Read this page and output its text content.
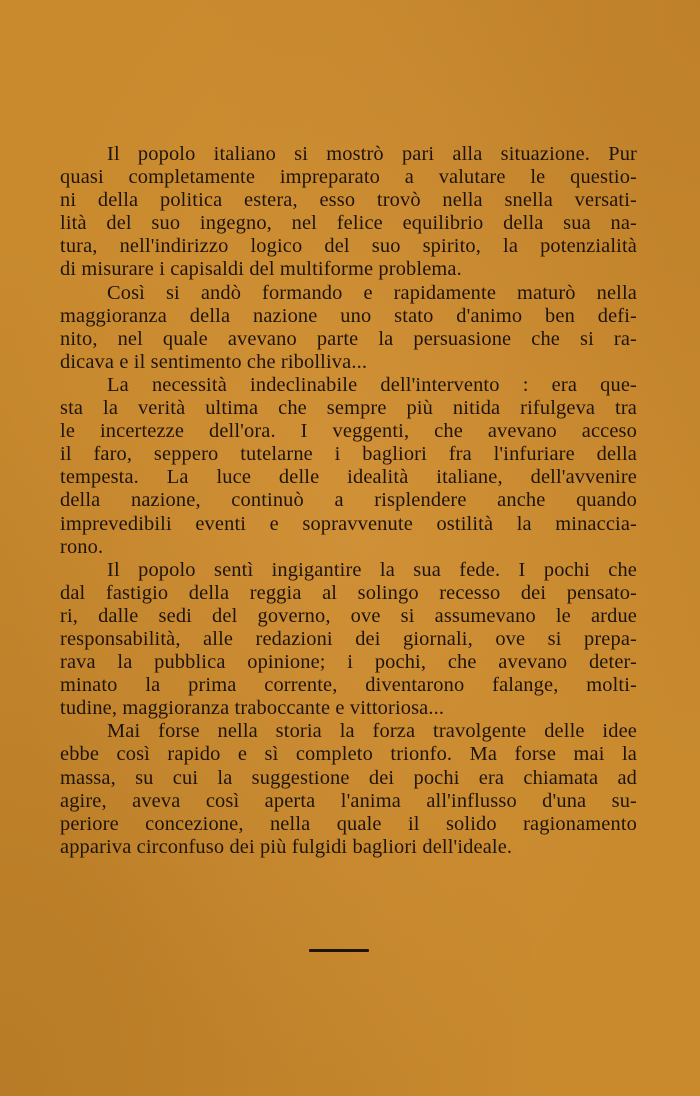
Il popolo italiano si mostrò pari alla situazione. Pur
quasi completamente impreparato a valutare le questio-
ni della politica estera, esso trovò nella snella versati-
lità del suo ingegno, nel felice equilibrio della sua na-
tura, nell'indirizzo logico del suo spirito, la potenzialità
di misurare i capisaldi del multiforme problema.

Così si andò formando e rapidamente maturò nella
maggioranza della nazione uno stato d'animo ben defi-
nito, nel quale avevano parte la persuasione che si ra-
dicava e il sentimento che ribolliva...

La necessità indeclinabile dell'intervento : era que-
sta la verità ultima che sempre più nitida rifulgeva tra
le incertezze dell'ora. I veggenti, che avevano acceso
il faro, seppero tutelarne i bagliori fra l'infuriare della
tempesta. La luce delle idealità italiane, dell'avvenire
della nazione, continuò a risplendere anche quando
imprevedibili eventi e sopravvenute ostilità la minaccia-
rono.

Il popolo sentì ingigantire la sua fede. I pochi che
dal fastigio della reggia al solingo recesso dei pensato-
ri, dalle sedi del governo, ove si assumevano le ardue
responsabilità, alle redazioni dei giornali, ove si prepa-
rava la pubblica opinione; i pochi, che avevano deter-
minato la prima corrente, diventarono falange, molti-
tudine, maggioranza traboccante e vittoriosa...

Mai forse nella storia la forza travolgente delle idee
ebbe così rapido e sì completo trionfo. Ma forse mai la
massa, su cui la suggestione dei pochi era chiamata ad
agire, aveva così aperta l'anima all'influsso d'una su-
periore concezione, nella quale il solido ragionamento
appariva circonfuso dei più fulgidi bagliori dell'ideale.
